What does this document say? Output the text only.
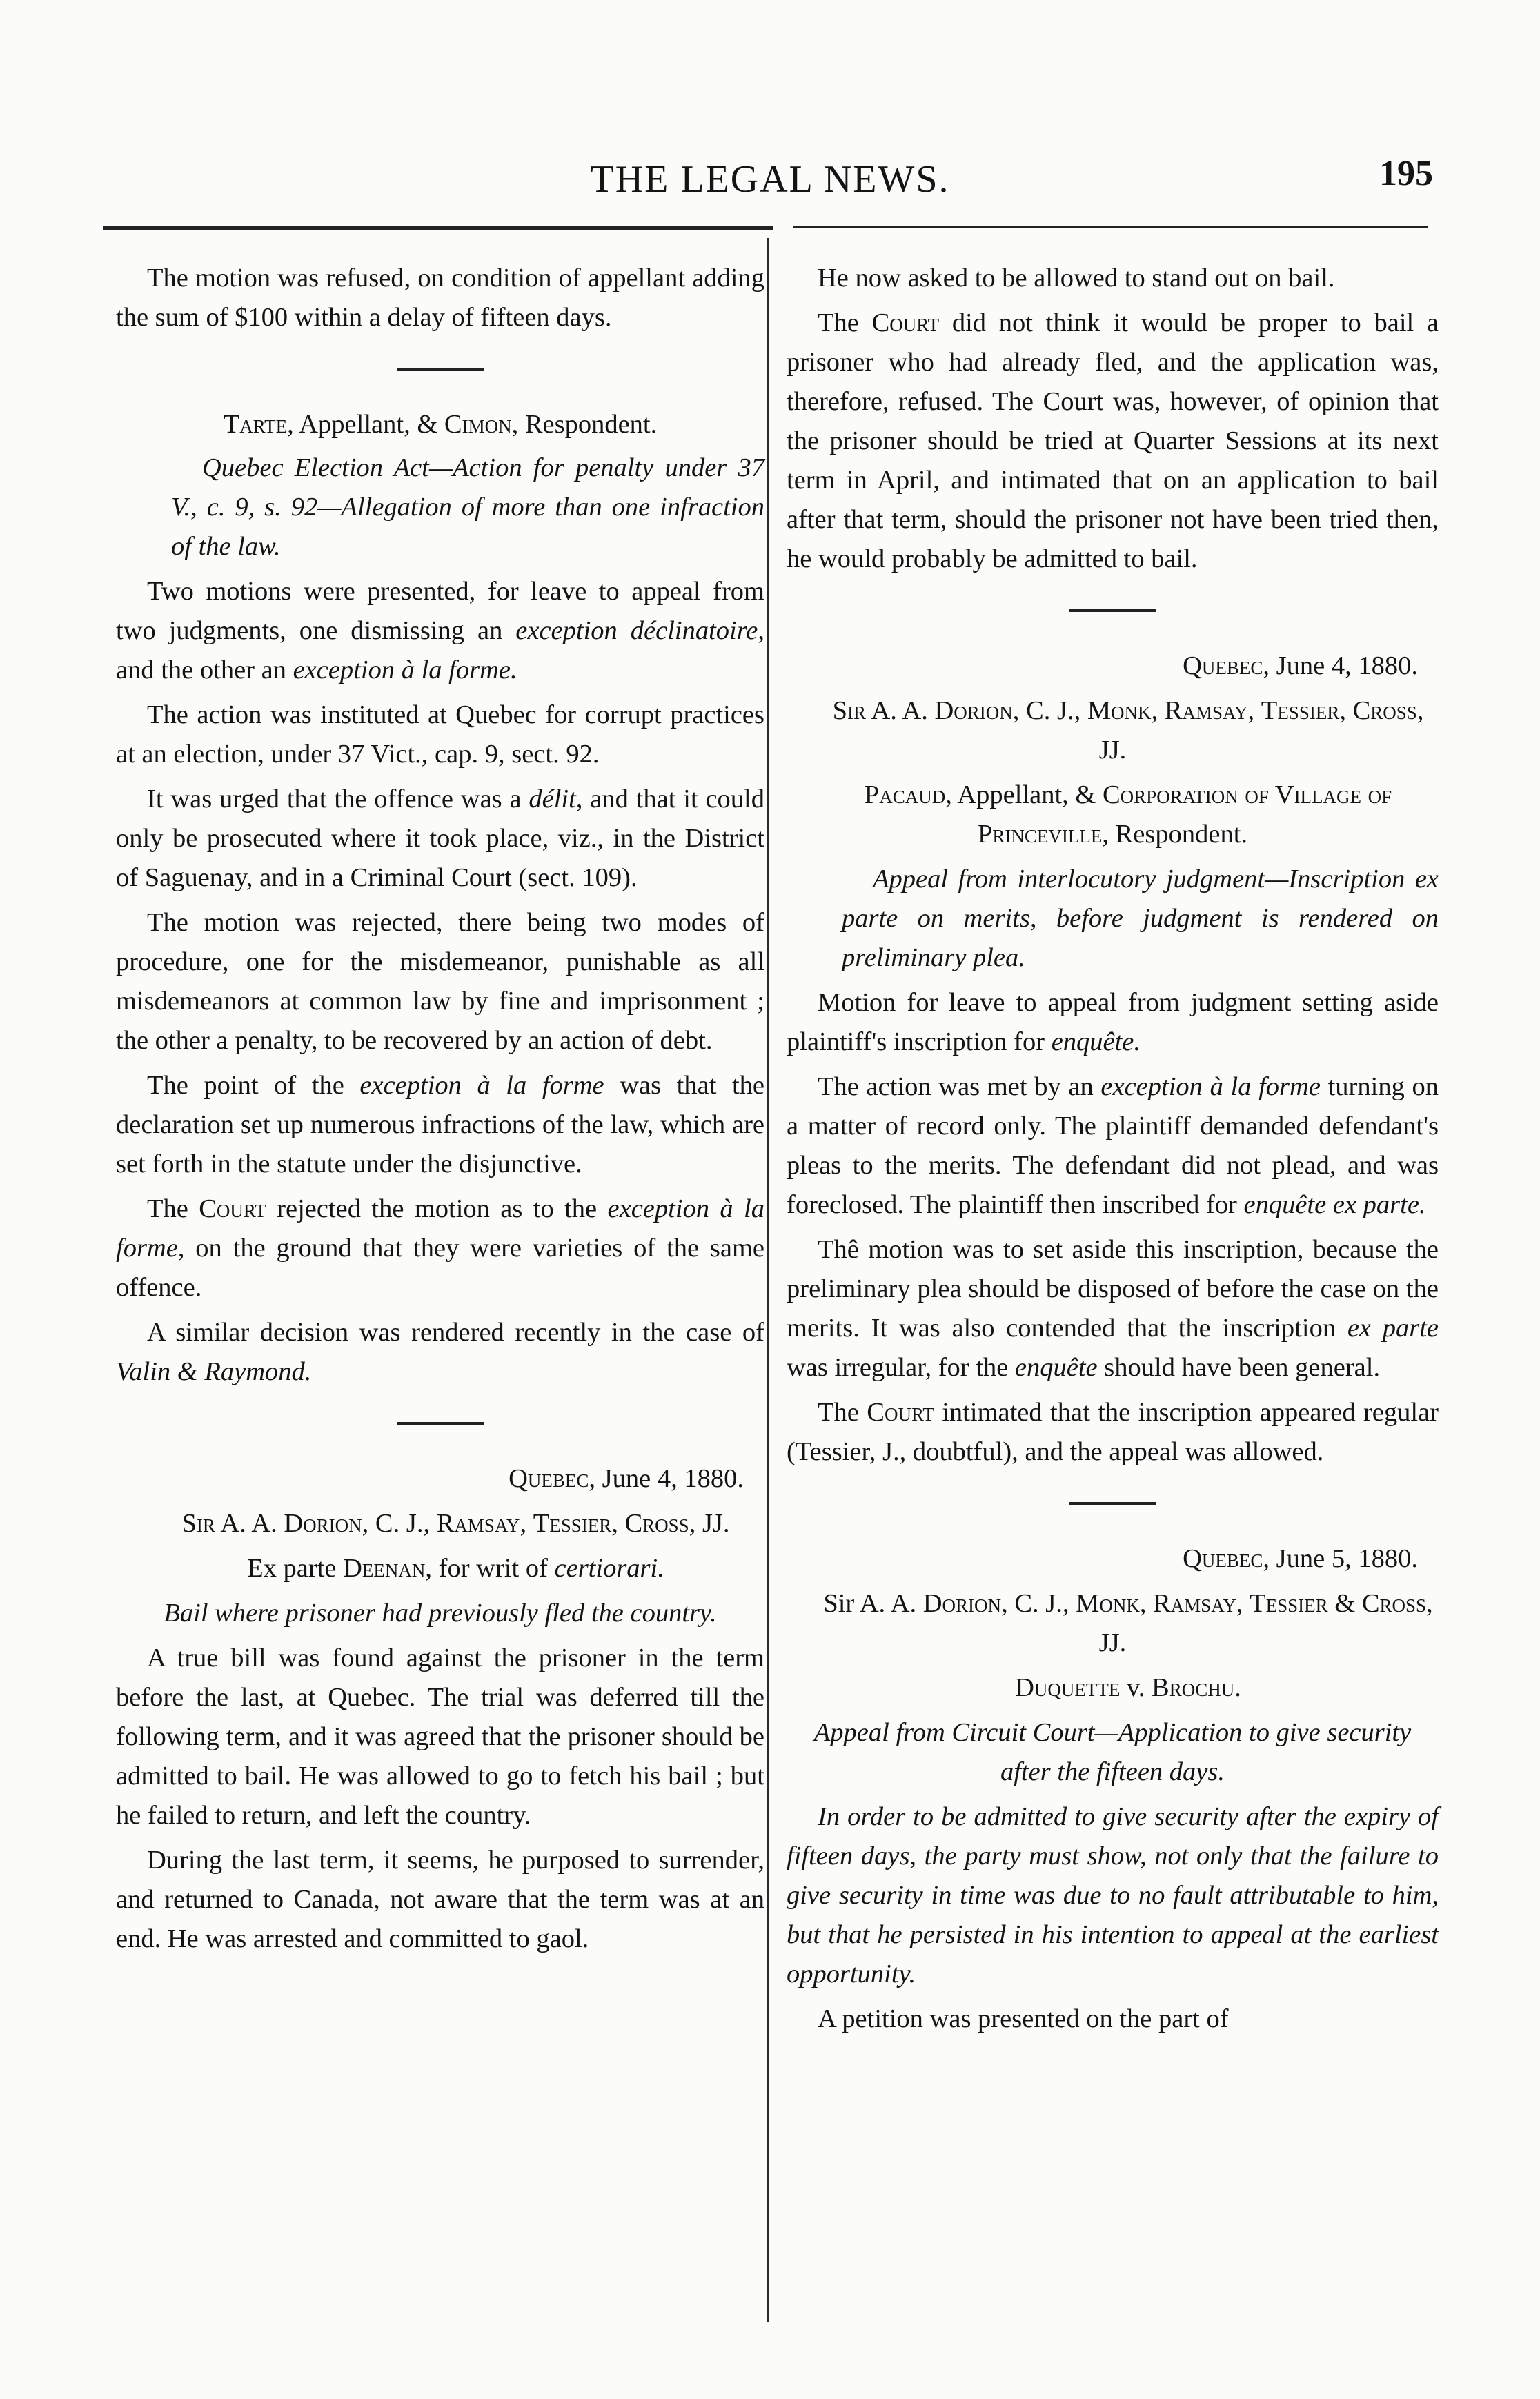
THE LEGAL NEWS.	195

The motion was refused, on condition of appellant adding the sum of $100 within a delay of fifteen days.

Tarte, Appellant, & Cimon, Respondent.

Quebec Election Act—Action for penalty under 37 V., c. 9, s. 92—Allegation of more than one infraction of the law.

Two motions were presented, for leave to appeal from two judgments, one dismissing an exception déclinatoire, and the other an exception à la forme.

The action was instituted at Quebec for corrupt practices at an election, under 37 Vict., cap. 9, sect. 92.

It was urged that the offence was a délit, and that it could only be prosecuted where it took place, viz., in the District of Saguenay, and in a Criminal Court (sect. 109).

The motion was rejected, there being two modes of procedure, one for the misdemeanor, punishable as all misdemeanors at common law by fine and imprisonment ; the other a penalty, to be recovered by an action of debt.

The point of the exception à la forme was that the declaration set up numerous infractions of the law, which are set forth in the statute under the disjunctive.

The Court rejected the motion as to the exception à la forme, on the ground that they were varieties of the same offence.

A similar decision was rendered recently in the case of Valin & Raymond.

Quebec, June 4, 1880.

Sir A. A. Dorion, C. J., Ramsay, Tessier, Cross, JJ.

Ex parte Deenan, for writ of certiorari.

Bail where prisoner had previously fled the country.

A true bill was found against the prisoner in the term before the last, at Quebec. The trial was deferred till the following term, and it was agreed that the prisoner should be admitted to bail. He was allowed to go to fetch his bail ; but he failed to return, and left the country.

During the last term, it seems, he purposed to surrender, and returned to Canada, not aware that the term was at an end. He was arrested and committed to gaol.

He now asked to be allowed to stand out on bail.

The Court did not think it would be proper to bail a prisoner who had already fled, and the application was, therefore, refused. The Court was, however, of opinion that the prisoner should be tried at Quarter Sessions at its next term in April, and intimated that on an application to bail after that term, should the prisoner not have been tried then, he would probably be admitted to bail.

Quebec, June 4, 1880.

Sir A. A. Dorion, C. J., Monk, Ramsay, Tessier, Cross, JJ.

Pacaud, Appellant, & Corporation of Village of Princeville, Respondent.

Appeal from interlocutory judgment—Inscription ex parte on merits, before judgment is rendered on preliminary plea.

Motion for leave to appeal from judgment setting aside plaintiff's inscription for enquête.

The action was met by an exception à la forme turning on a matter of record only. The plaintiff demanded defendant's pleas to the merits. The defendant did not plead, and was foreclosed. The plaintiff then inscribed for enquête ex parte.

Thê motion was to set aside this inscription, because the preliminary plea should be disposed of before the case on the merits. It was also contended that the inscription ex parte was irregular, for the enquête should have been general.

The Court intimated that the inscription appeared regular (Tessier, J., doubtful), and the appeal was allowed.

Quebec, June 5, 1880.

Sir A. A. Dorion, C. J., Monk, Ramsay, Tessier & Cross, JJ.

Duquette v. Brochu.

Appeal from Circuit Court—Application to give security after the fifteen days.

In order to be admitted to give security after the expiry of fifteen days, the party must show, not only that the failure to give security in time was due to no fault attributable to him, but that he persisted in his intention to appeal at the earliest opportunity.

A petition was presented on the part of
